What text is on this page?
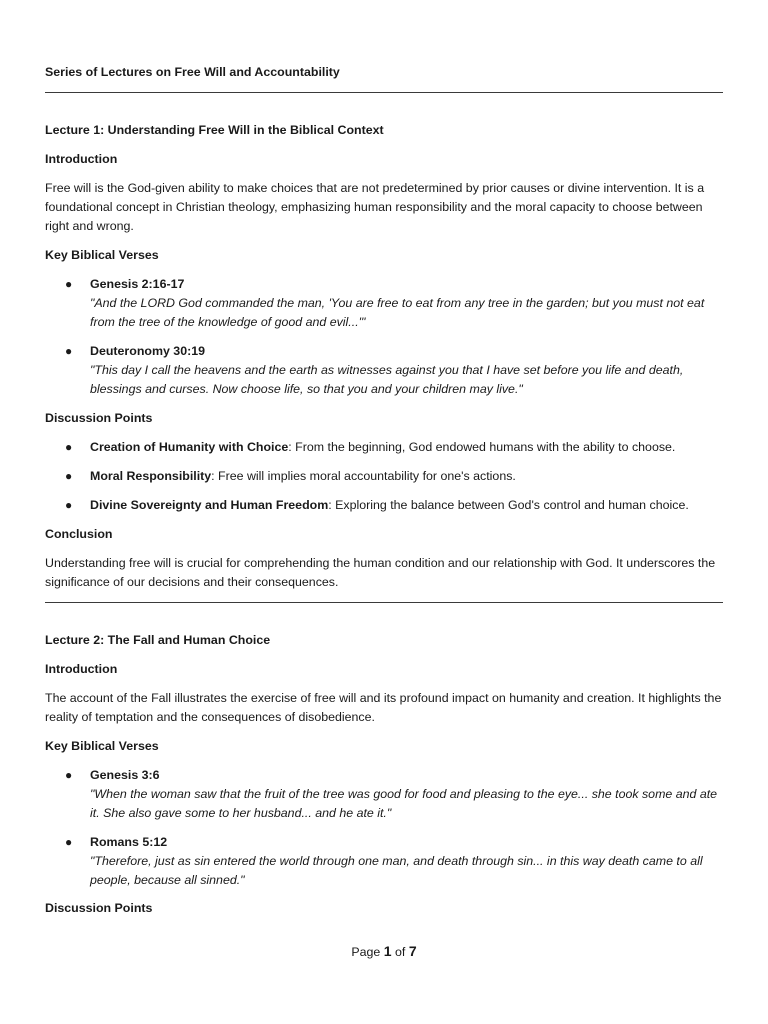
Series of Lectures on Free Will and Accountability
Lecture 1: Understanding Free Will in the Biblical Context
Introduction
Free will is the God-given ability to make choices that are not predetermined by prior causes or divine intervention. It is a foundational concept in Christian theology, emphasizing human responsibility and the moral capacity to choose between right and wrong.
Key Biblical Verses
● Genesis 2:16-17
"And the LORD God commanded the man, 'You are free to eat from any tree in the garden; but you must not eat from the tree of the knowledge of good and evil...'"
● Deuteronomy 30:19
"This day I call the heavens and the earth as witnesses against you that I have set before you life and death, blessings and curses. Now choose life, so that you and your children may live."
Discussion Points
● Creation of Humanity with Choice: From the beginning, God endowed humans with the ability to choose.
● Moral Responsibility: Free will implies moral accountability for one's actions.
● Divine Sovereignty and Human Freedom: Exploring the balance between God's control and human choice.
Conclusion
Understanding free will is crucial for comprehending the human condition and our relationship with God. It underscores the significance of our decisions and their consequences.
Lecture 2: The Fall and Human Choice
Introduction
The account of the Fall illustrates the exercise of free will and its profound impact on humanity and creation. It highlights the reality of temptation and the consequences of disobedience.
Key Biblical Verses
● Genesis 3:6
"When the woman saw that the fruit of the tree was good for food and pleasing to the eye... she took some and ate it. She also gave some to her husband... and he ate it."
● Romans 5:12
"Therefore, just as sin entered the world through one man, and death through sin... in this way death came to all people, because all sinned."
Discussion Points
Page 1 of 7
